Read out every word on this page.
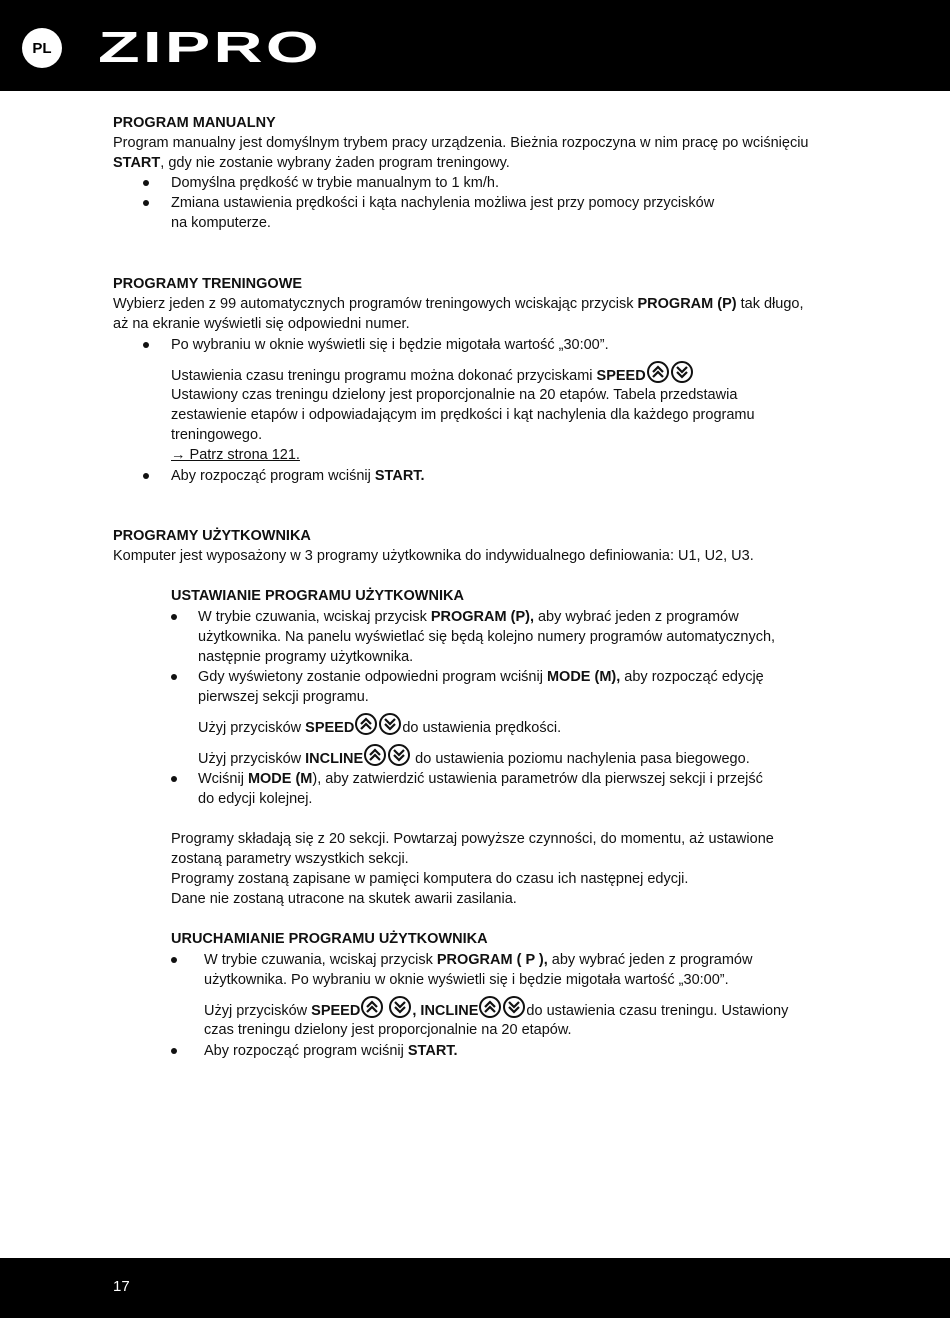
PL ZIPRO
PROGRAM MANUALNY
Program manualny jest domyślnym trybem pracy urządzenia. Bieżnia rozpoczyna w nim pracę po wciśnięciu
START, gdy nie zostanie wybrany żaden program treningowy.
Domyślna prędkość w trybie manualnym to 1 km/h.
Zmiana ustawienia prędkości i kąta nachylenia możliwa jest przy pomocy przycisków
na komputerze.
PROGRAMY TRENINGOWE
Wybierz jeden z 99 automatycznych programów treningowych wciskając przycisk PROGRAM (P) tak długo,
aż na ekranie wyświetli się odpowiedni numer.
Po wybraniu w oknie wyświetli się i będzie migotała wartość „30:00”.
Ustawienia czasu treningu programu można dokonać przyciskami SPEED
Ustawiony czas treningu dzielony jest proporcjonalnie na 20 etapów. Tabela przedstawia
zestawienie etapów i odpowiadającym im prędkości i kąt nachylenia dla każdego programu
treningowego.
→ Patrz strona 121.
Aby rozpocząć program wciśnij START.
PROGRAMY UŻYTKOWNIKA
Komputer jest wyposażony w 3 programy użytkownika do indywidualnego definiowania: U1, U2, U3.
USTAWIANIE PROGRAMU UŻYTKOWNIKA
W trybie czuwania, wciskaj przycisk PROGRAM (P), aby wybrać jeden z programów
użytkownika. Na panelu wyświetlać się będą kolejno numery programów automatycznych,
następnie programy użytkownika.
Gdy wyświetony zostanie odpowiedni program wciśnij MODE (M), aby rozpocząć edycję
pierwszej sekcji programu.
Użyj przycisków SPEED	do ustawienia prędkości.
Użyj przycisków INCLINE	do ustawienia poziomu nachylenia pasa biegowego.
Wciśnij MODE (M), aby zatwierdzić ustawienia parametrów dla pierwszej sekcji i przejść
do edycji kolejnej.
Programy składają się z 20 sekcji. Powtarzaj powyższe czynności, do momentu, aż ustawione
zostaną parametry wszystkich sekcji.
Programy zostaną zapisane w pamięci komputera do czasu ich następnej edycji.
Dane nie zostaną utracone na skutek awarii zasilania.
URUCHAMIANIE PROGRAMU UŻYTKOWNIKA
W trybie czuwania, wciskaj przycisk PROGRAM ( P ), aby wybrać jeden z programów
użytkownika. Po wybraniu w oknie wyświetli się i będzie migotała wartość „30:00”.
Użyj przycisków SPEED
	, INCLINE	do ustawienia czasu treningu. Ustawiony
czas treningu dzielony jest proporcjonalnie na 20 etapów.
Aby rozpocząć program wciśnij START.
17
